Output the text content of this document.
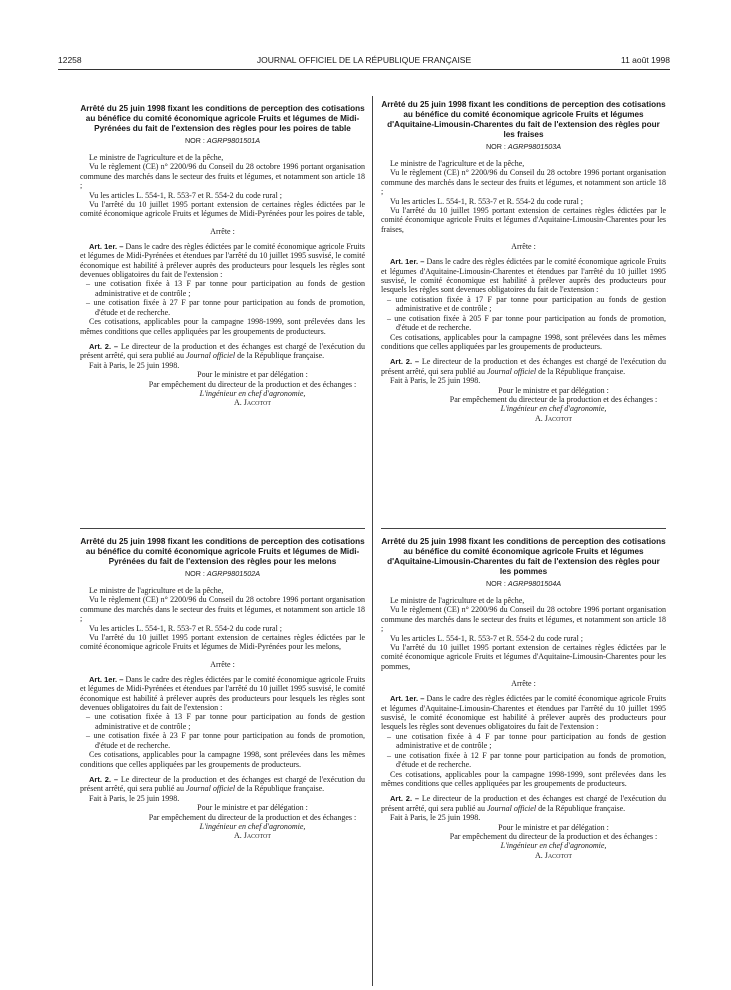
12258	JOURNAL OFFICIEL DE LA RÉPUBLIQUE FRANÇAISE	11 août 1998

Arrêté du 25 juin 1998 fixant les conditions de perception des cotisations au bénéfice du comité économique agricole Fruits et légumes de Midi-Pyrénées du fait de l'extension des règles pour les poires de table

NOR : AGRP9801501A

Le ministre de l'agriculture et de la pêche,

Vu le règlement (CE) n° 2200/96 du Conseil du 28 octobre 1996 portant organisation commune des marchés dans le secteur des fruits et légumes, et notamment son article 18 ;

Vu les articles L. 554-1, R. 553-7 et R. 554-2 du code rural ;

Vu l'arrêté du 10 juillet 1995 portant extension de certaines règles édictées par le comité économique agricole Fruits et légumes de Midi-Pyrénées pour les poires de table,

Arrête :

Art. 1er. – Dans le cadre des règles édictées par le comité économique agricole Fruits et légumes de Midi-Pyrénées et étendues par l'arrêté du 10 juillet 1995 susvisé, le comité économique est habilité à prélever auprès des producteurs pour lesquels les règles sont devenues obligatoires du fait de l'extension :

– une cotisation fixée à 13 F par tonne pour participation au fonds de gestion administrative et de contrôle ;

– une cotisation fixée à 27 F par tonne pour participation au fonds de promotion, d'étude et de recherche.

Ces cotisations, applicables pour la campagne 1998-1999, sont prélevées dans les mêmes conditions que celles appliquées par les groupements de producteurs.

Art. 2. – Le directeur de la production et des échanges est chargé de l'exécution du présent arrêté, qui sera publié au Journal officiel de la République française.

Fait à Paris, le 25 juin 1998.

Pour le ministre et par délégation :

Par empêchement du directeur de la production et des échanges :

L'ingénieur en chef d'agronomie,

A. Jacotot

Arrêté du 25 juin 1998 fixant les conditions de perception des cotisations au bénéfice du comité économique agricole Fruits et légumes de Midi-Pyrénées du fait de l'extension des règles pour les melons

NOR : AGRP9801502A

Le ministre de l'agriculture et de la pêche,

Vu le règlement (CE) n° 2200/96 du Conseil du 28 octobre 1996 portant organisation commune des marchés dans le secteur des fruits et légumes, et notamment son article 18 ;

Vu les articles L. 554-1, R. 553-7 et R. 554-2 du code rural ;

Vu l'arrêté du 10 juillet 1995 portant extension de certaines règles édictées par le comité économique agricole Fruits et légumes de Midi-Pyrénées pour les melons,

Arrête :

Art. 1er. – Dans le cadre des règles édictées par le comité économique agricole Fruits et légumes de Midi-Pyrénées et étendues par l'arrêté du 10 juillet 1995 susvisé, le comité économique est habilité à prélever auprès des producteurs pour lesquels les règles sont devenues obligatoires du fait de l'extension :

– une cotisation fixée à 13 F par tonne pour participation au fonds de gestion administrative et de contrôle ;

– une cotisation fixée à 23 F par tonne pour participation au fonds de promotion, d'étude et de recherche.

Ces cotisations, applicables pour la campagne 1998, sont prélevées dans les mêmes conditions que celles appliquées par les groupements de producteurs.

Art. 2. – Le directeur de la production et des échanges est chargé de l'exécution du présent arrêté, qui sera publié au Journal officiel de la République française.

Fait à Paris, le 25 juin 1998.

Pour le ministre et par délégation :

Par empêchement du directeur de la production et des échanges :

L'ingénieur en chef d'agronomie,

A. Jacotot

Arrêté du 25 juin 1998 fixant les conditions de perception des cotisations au bénéfice du comité économique agricole Fruits et légumes d'Aquitaine-Limousin-Charentes du fait de l'extension des règles pour les fraises

NOR : AGRP9801503A

Le ministre de l'agriculture et de la pêche,

Vu le règlement (CE) n° 2200/96 du Conseil du 28 octobre 1996 portant organisation commune des marchés dans le secteur des fruits et légumes, et notamment son article 18 ;

Vu les articles L. 554-1, R. 553-7 et R. 554-2 du code rural ;

Vu l'arrêté du 10 juillet 1995 portant extension de certaines règles édictées par le comité économique agricole Fruits et légumes d'Aquitaine-Limousin-Charentes pour les fraises,

Arrête :

Art. 1er. – Dans le cadre des règles édictées par le comité économique agricole Fruits et légumes d'Aquitaine-Limousin-Charentes et étendues par l'arrêté du 10 juillet 1995 susvisé, le comité économique est habilité à prélever auprès des producteurs pour lesquels les règles sont devenues obligatoires du fait de l'extension :

– une cotisation fixée à 17 F par tonne pour participation au fonds de gestion administrative et de contrôle ;

– une cotisation fixée à 205 F par tonne pour participation au fonds de promotion, d'étude et de recherche.

Ces cotisations, applicables pour la campagne 1998, sont prélevées dans les mêmes conditions que celles appliquées par les groupements de producteurs.

Art. 2. – Le directeur de la production et des échanges est chargé de l'exécution du présent arrêté, qui sera publié au Journal officiel de la République française.

Fait à Paris, le 25 juin 1998.

Pour le ministre et par délégation :

Par empêchement du directeur de la production et des échanges :

L'ingénieur en chef d'agronomie,

A. Jacotot

Arrêté du 25 juin 1998 fixant les conditions de perception des cotisations au bénéfice du comité économique agricole Fruits et légumes d'Aquitaine-Limousin-Charentes du fait de l'extension des règles pour les pommes

NOR : AGRP9801504A

Le ministre de l'agriculture et de la pêche,

Vu le règlement (CE) n° 2200/96 du Conseil du 28 octobre 1996 portant organisation commune des marchés dans le secteur des fruits et légumes, et notamment son article 18 ;

Vu les articles L. 554-1, R. 553-7 et R. 554-2 du code rural ;

Vu l'arrêté du 10 juillet 1995 portant extension de certaines règles édictées par le comité économique agricole Fruits et légumes d'Aquitaine-Limousin-Charentes pour les pommes,

Arrête :

Art. 1er. – Dans le cadre des règles édictées par le comité économique agricole Fruits et légumes d'Aquitaine-Limousin-Charentes et étendues par l'arrêté du 10 juillet 1995 susvisé, le comité économique est habilité à prélever auprès des producteurs pour lesquels les règles sont devenues obligatoires du fait de l'extension :

– une cotisation fixée à 4 F par tonne pour participation au fonds de gestion administrative et de contrôle ;

– une cotisation fixée à 12 F par tonne pour participation au fonds de promotion, d'étude et de recherche.

Ces cotisations, applicables pour la campagne 1998-1999, sont prélevées dans les mêmes conditions que celles appliquées par les groupements de producteurs.

Art. 2. – Le directeur de la production et des échanges est chargé de l'exécution du présent arrêté, qui sera publié au Journal officiel de la République française.

Fait à Paris, le 25 juin 1998.

Pour le ministre et par délégation :

Par empêchement du directeur de la production et des échanges :

L'ingénieur en chef d'agronomie,

A. Jacotot
